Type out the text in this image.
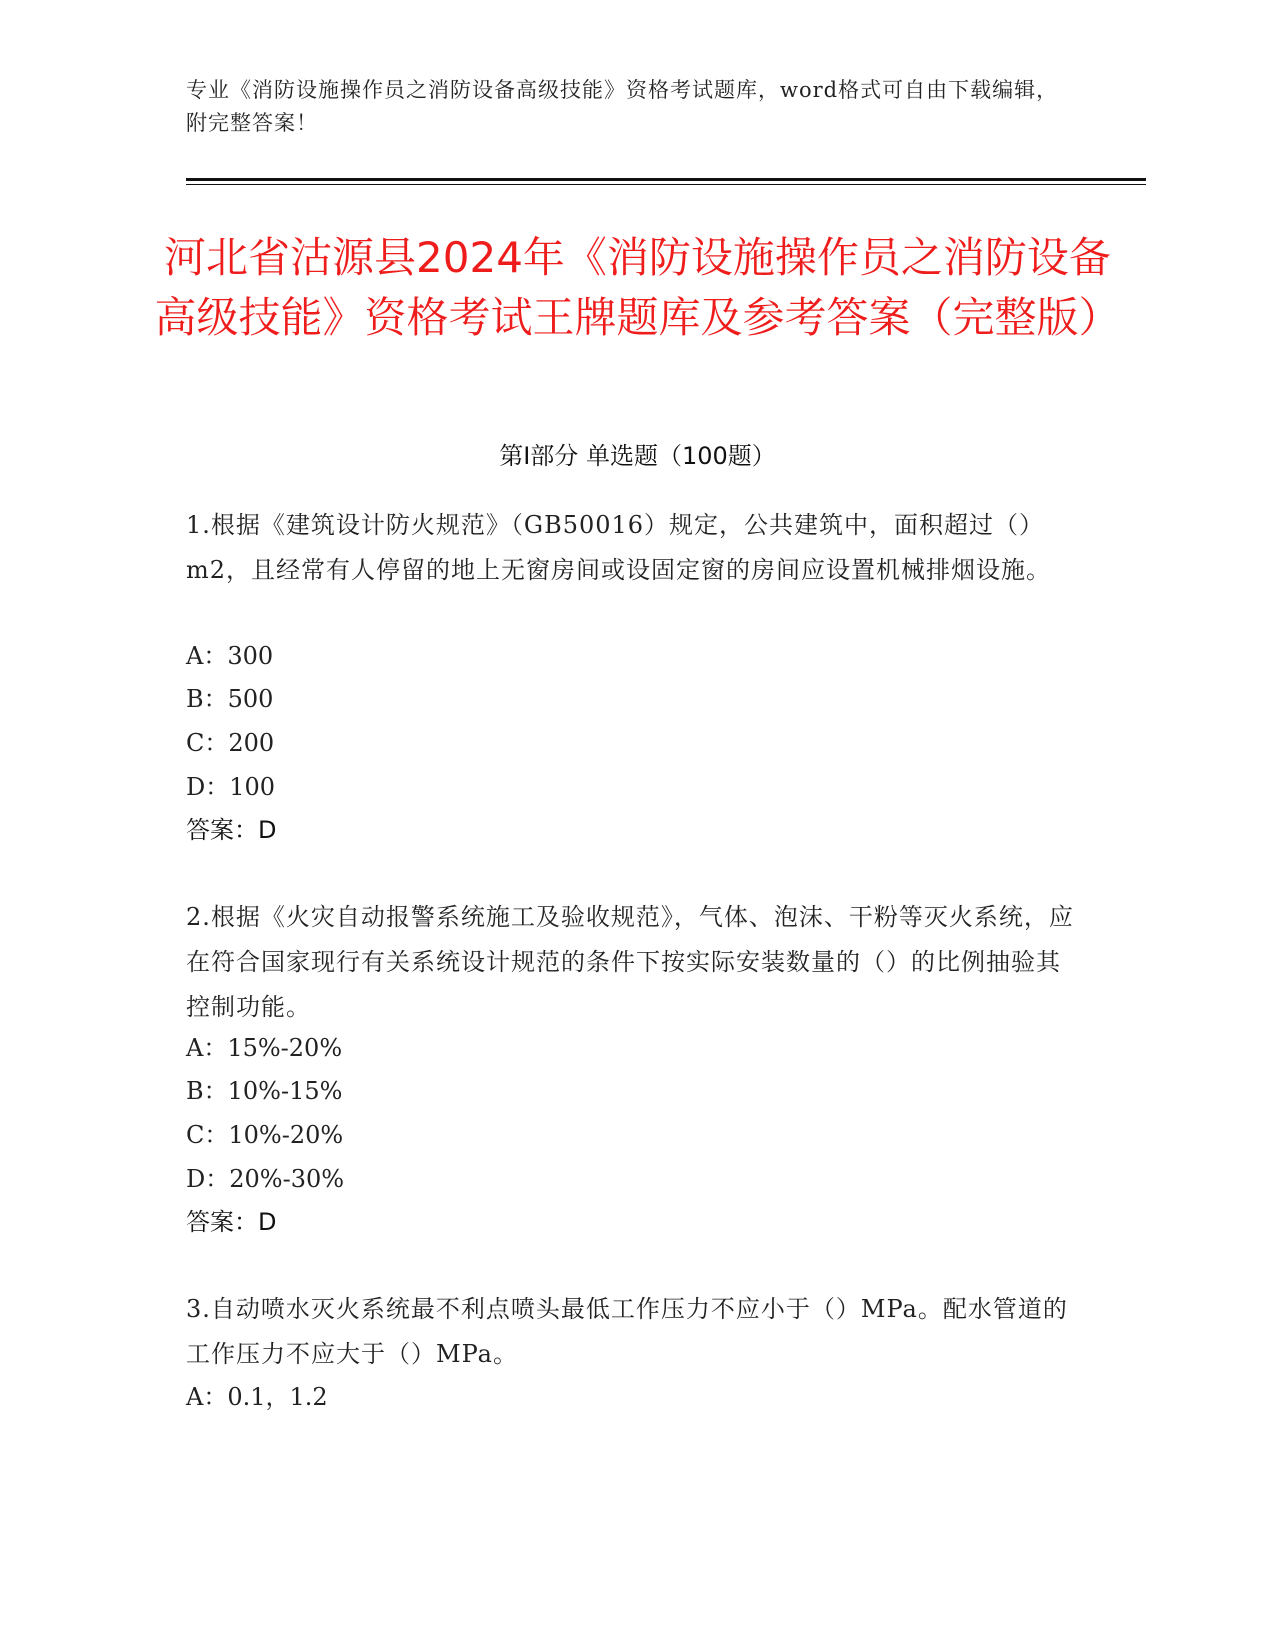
专业《消防设施操作员之消防设备高级技能》资格考试题库，word格式可自由下载编辑，附完整答案！
河北省沽源县2024年《消防设施操作员之消防设备高级技能》资格考试王牌题库及参考答案（完整版）
第I部分 单选题（100题）
1.根据《建筑设计防火规范》（GB50016）规定，公共建筑中，面积超过（）m2，且经常有人停留的地上无窗房间或设固定窗的房间应设置机械排烟设施。
A：300
B：500
C：200
D：100
答案：D
2.根据《火灾自动报警系统施工及验收规范》，气体、泡沫、干粉等灭火系统，应在符合国家现行有关系统设计规范的条件下按实际安装数量的（）的比例抽验其控制功能。
A：15%-20%
B：10%-15%
C：10%-20%
D：20%-30%
答案：D
3.自动喷水灭火系统最不利点喷头最低工作压力不应小于（）MPa。配水管道的工作压力不应大于（）MPa。
A：0.1，1.2
